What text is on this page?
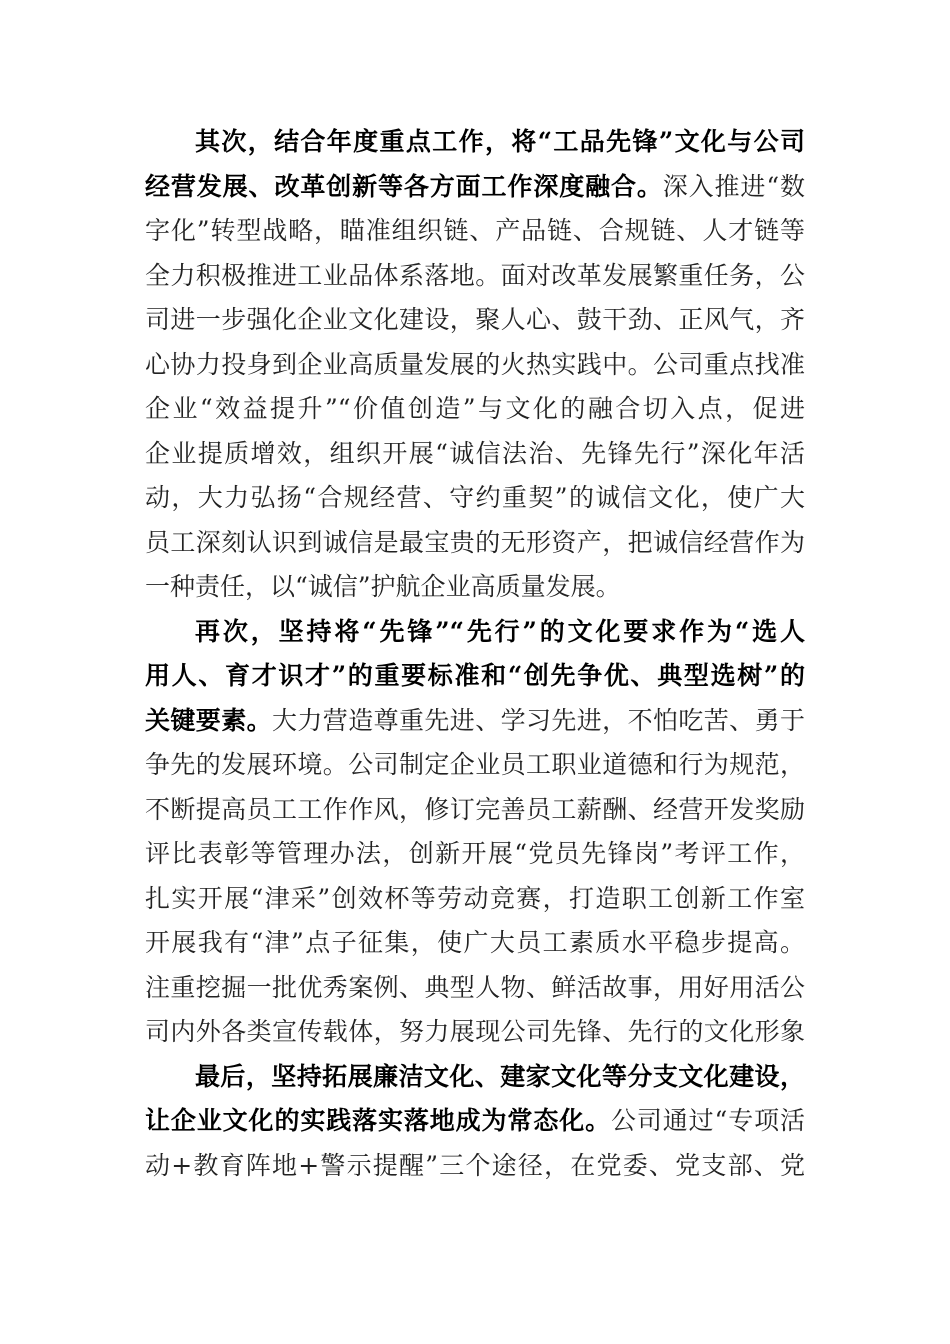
其次，结合年度重点工作，将“工品先锋”文化与公司
经营发展、改革创新等各方面工作深度融合。深入推进“数
字化”转型战略，瞄准组织链、产品链、合规链、人才链等
全力积极推进工业品体系落地。面对改革发展繁重任务，公
司进一步强化企业文化建设，聚人心、鼓干劲、正风气，齐
心协力投身到企业高质量发展的火热实践中。公司重点找准
企业“效益提升”“价值创造”与文化的融合切入点，促进
企业提质增效，组织开展“诚信法治、先锋先行”深化年活
动，大力弘扬“合规经营、守约重契”的诚信文化，使广大
员工深刻认识到诚信是最宝贵的无形资产，把诚信经营作为
一种责任，以“诚信”护航企业高质量发展。
再次，坚持将“先锋”“先行”的文化要求作为“选人
用人、育才识才”的重要标准和“创先争优、典型选树”的
关键要素。大力营造尊重先进、学习先进，不怕吃苦、勇于
争先的发展环境。公司制定企业员工职业道德和行为规范，
不断提高员工工作作风，修订完善员工薪酬、经营开发奖励
评比表彰等管理办法，创新开展“党员先锋岗”考评工作，
扎实开展“津采”创效杯等劳动竞赛，打造职工创新工作室
开展我有“津”点子征集，使广大员工素质水平稳步提高。
注重挖掘一批优秀案例、典型人物、鲜活故事，用好用活公
司内外各类宣传载体，努力展现公司先锋、先行的文化形象
最后，坚持拓展廉洁文化、建家文化等分支文化建设，
让企业文化的实践落实落地成为常态化。公司通过“专项活
动+教育阵地+警示提醒”三个途径，在党委、党支部、党
